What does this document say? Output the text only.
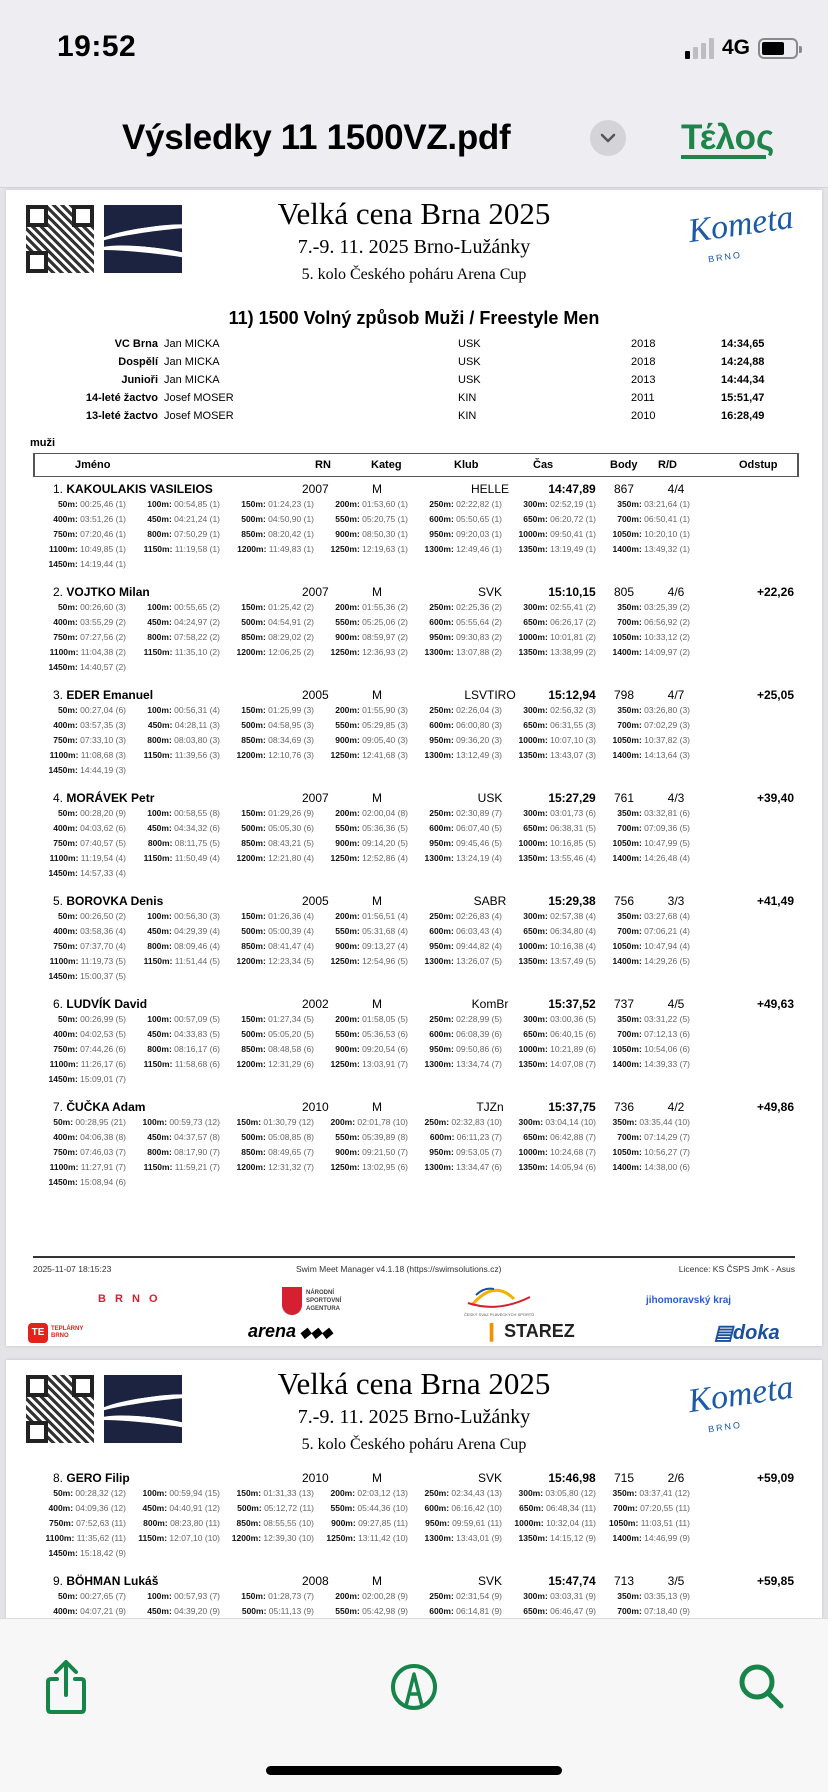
19:52	4G
Výsledky 11 1500VZ.pdf	Τέλος
Velká cena Brna 2025
7.-9. 11. 2025 Brno-Lužánky
5. kolo Českého poháru Arena Cup
Kometa
BRNO
11) 1500 Volný způsob Muži / Freestyle Men
VC Brna Jan MICKA	USK	2018	14:34,65
Dospělí Jan MICKA	USK	2018	14:24,88
Junioři Jan MICKA	USK	2013	14:44,34
14-leté žactvo Josef MOSER	KIN	2011	15:51,47
13-leté žactvo Josef MOSER	KIN	2010	16:28,49
muži
Jméno	RN	Kateg	Klub	Čas	Body R/D	Odstup
1. KAKOULAKIS VASILEIOS	2007	M	HELLE	14:47,89	867	4/4
50m: 00:25,46 (1)	100m: 00:54,85 (1)	150m: 01:24,23 (1)	200m: 01:53,60 (1)	250m: 02:22,82 (1)	300m: 02:52,19 (1)	350m: 03:21,64 (1)
400m: 03:51,26 (1)	450m: 04:21,24 (1)	500m: 04:50,90 (1)	550m: 05:20,75 (1)	600m: 05:50,65 (1)	650m: 06:20,72 (1)	700m: 06:50,41 (1)
750m: 07:20,46 (1)	800m: 07:50,29 (1)	850m: 08:20,42 (1)	900m: 08:50,30 (1)	950m: 09:20,03 (1)	1000m: 09:50,41 (1)	1050m: 10:20,10 (1)
1100m: 10:49,85 (1)	1150m: 11:19,58 (1)	1200m: 11:49,83 (1)	1250m: 12:19,63 (1)	1300m: 12:49,46 (1)	1350m: 13:19,49 (1)	1400m: 13:49,32 (1)
1450m: 14:19,44 (1)
2. VOJTKO Milan	2007	M	SVK	15:10,15	805	4/6	+22,26
50m: 00:26,60 (3)	100m: 00:55,65 (2)	150m: 01:25,42 (2)	200m: 01:55,36 (2)	250m: 02:25,36 (2)	300m: 02:55,41 (2)	350m: 03:25,39 (2)
400m: 03:55,29 (2)	450m: 04:24,97 (2)	500m: 04:54,91 (2)	550m: 05:25,06 (2)	600m: 05:55,64 (2)	650m: 06:26,17 (2)	700m: 06:56,92 (2)
750m: 07:27,56 (2)	800m: 07:58,22 (2)	850m: 08:29,02 (2)	900m: 08:59,97 (2)	950m: 09:30,83 (2)	1000m: 10:01,81 (2)	1050m: 10:33,12 (2)
1100m: 11:04,38 (2)	1150m: 11:35,10 (2)	1200m: 12:06,25 (2)	1250m: 12:36,93 (2)	1300m: 13:07,88 (2)	1350m: 13:38,99 (2)	1400m: 14:09,97 (2)
1450m: 14:40,57 (2)
3. EDER Emanuel	2005	M	LSVTIRO	15:12,94	798	4/7	+25,05
50m: 00:27,04 (6)	100m: 00:56,31 (4)	150m: 01:25,99 (3)	200m: 01:55,90 (3)	250m: 02:26,04 (3)	300m: 02:56,32 (3)	350m: 03:26,80 (3)
400m: 03:57,35 (3)	450m: 04:28,11 (3)	500m: 04:58,95 (3)	550m: 05:29,85 (3)	600m: 06:00,80 (3)	650m: 06:31,55 (3)	700m: 07:02,29 (3)
750m: 07:33,10 (3)	800m: 08:03,80 (3)	850m: 08:34,69 (3)	900m: 09:05,40 (3)	950m: 09:36,20 (3)	1000m: 10:07,10 (3)	1050m: 10:37,82 (3)
1100m: 11:08,68 (3)	1150m: 11:39,56 (3)	1200m: 12:10,76 (3)	1250m: 12:41,68 (3)	1300m: 13:12,49 (3)	1350m: 13:43,07 (3)	1400m: 14:13,64 (3)
1450m: 14:44,19 (3)
4. MORÁVEK Petr	2007	M	USK	15:27,29	761	4/3	+39,40
50m: 00:28,20 (9)	100m: 00:58,55 (8)	150m: 01:29,26 (9)	200m: 02:00,04 (8)	250m: 02:30,89 (7)	300m: 03:01,73 (6)	350m: 03:32,81 (6)
400m: 04:03,62 (6)	450m: 04:34,32 (6)	500m: 05:05,30 (6)	550m: 05:36,36 (5)	600m: 06:07,40 (5)	650m: 06:38,31 (5)	700m: 07:09,36 (5)
750m: 07:40,57 (5)	800m: 08:11,75 (5)	850m: 08:43,21 (5)	900m: 09:14,20 (5)	950m: 09:45,46 (5)	1000m: 10:16,85 (5)	1050m: 10:47,99 (5)
1100m: 11:19,54 (4)	1150m: 11:50,49 (4)	1200m: 12:21,80 (4)	1250m: 12:52,86 (4)	1300m: 13:24,19 (4)	1350m: 13:55,46 (4)	1400m: 14:26,48 (4)
1450m: 14:57,33 (4)
5. BOROVKA Denis	2005	M	SABR	15:29,38	756	3/3	+41,49
50m: 00:26,50 (2)	100m: 00:56,30 (3)	150m: 01:26,36 (4)	200m: 01:56,51 (4)	250m: 02:26,83 (4)	300m: 02:57,38 (4)	350m: 03:27,68 (4)
400m: 03:58,36 (4)	450m: 04:29,39 (4)	500m: 05:00,39 (4)	550m: 05:31,68 (4)	600m: 06:03,43 (4)	650m: 06:34,80 (4)	700m: 07:06,21 (4)
750m: 07:37,70 (4)	800m: 08:09,46 (4)	850m: 08:41,47 (4)	900m: 09:13,27 (4)	950m: 09:44,82 (4)	1000m: 10:16,38 (4)	1050m: 10:47,94 (4)
1100m: 11:19,73 (5)	1150m: 11:51,44 (5)	1200m: 12:23,34 (5)	1250m: 12:54,96 (5)	1300m: 13:26,07 (5)	1350m: 13:57,49 (5)	1400m: 14:29,26 (5)
1450m: 15:00,37 (5)
6. LUDVÍK David	2002	M	KomBr	15:37,52	737	4/5	+49,63
50m: 00:26,99 (5)	100m: 00:57,09 (5)	150m: 01:27,34 (5)	200m: 01:58,05 (5)	250m: 02:28,99 (5)	300m: 03:00,36 (5)	350m: 03:31,22 (5)
400m: 04:02,53 (5)	450m: 04:33,83 (5)	500m: 05:05,20 (5)	550m: 05:36,53 (6)	600m: 06:08,39 (6)	650m: 06:40,15 (6)	700m: 07:12,13 (6)
750m: 07:44,26 (6)	800m: 08:16,17 (6)	850m: 08:48,58 (6)	900m: 09:20,54 (6)	950m: 09:50,86 (6)	1000m: 10:21,89 (6)	1050m: 10:54,06 (6)
1100m: 11:26,17 (6)	1150m: 11:58,68 (6)	1200m: 12:31,29 (6)	1250m: 13:03,91 (7)	1300m: 13:34,74 (7)	1350m: 14:07,08 (7)	1400m: 14:39,33 (7)
1450m: 15:09,01 (7)
7. ČUČKA Adam	2010	M	TJZn	15:37,75	736	4/2	+49,86
50m: 00:28,95 (21)	100m: 00:59,73 (12)	150m: 01:30,79 (12)	200m: 02:01,78 (10)	250m: 02:32,83 (10)	300m: 03:04,14 (10)	350m: 03:35,44 (10)
400m: 04:06,38 (8)	450m: 04:37,57 (8)	500m: 05:08,85 (8)	550m: 05:39,89 (8)	600m: 06:11,23 (7)	650m: 06:42,88 (7)	700m: 07:14,29 (7)
750m: 07:46,03 (7)	800m: 08:17,90 (7)	850m: 08:49,65 (7)	900m: 09:21,50 (7)	950m: 09:53,05 (7)	1000m: 10:24,68 (7)	1050m: 10:56,27 (7)
1100m: 11:27,91 (7)	1150m: 11:59,21 (7)	1200m: 12:31,32 (7)	1250m: 13:02,95 (6)	1300m: 13:34,47 (6)	1350m: 14:05,94 (6)	1400m: 14:38,00 (6)
1450m: 15:08,94 (6)
2025-11-07 18:15:23	Swim Meet Manager v4.1.18 (https://swimsolutions.cz)	Licence: KS ČSPS JmK - Asus
B R N O	NÁRODNÍ SPORTOVNÍ AGENTURA
ČESKÝ SVAZ PLAVECKÝCH SPORTŮ
jihomoravský kraj
TE	TEPLÁRNY BRNO	arena ◆◆◆	❙ STAREZ	▤doka
Velká cena Brna 2025
7.-9. 11. 2025 Brno-Lužánky
5. kolo Českého poháru Arena Cup
Kometa
BRNO
8. GERO Filip	2010	M	SVK	15:46,98	715	2/6	+59,09
50m: 00:28,32 (12)	100m: 00:59,94 (15)	150m: 01:31,33 (13)	200m: 02:03,12 (13)	250m: 02:34,43 (13)	300m: 03:05,80 (12)	350m: 03:37,41 (12)
400m: 04:09,36 (12)	450m: 04:40,91 (12)	500m: 05:12,72 (11)	550m: 05:44,36 (10)	600m: 06:16,42 (10)	650m: 06:48,34 (11)	700m: 07:20,55 (11)
750m: 07:52,63 (11)	800m: 08:23,80 (11)	850m: 08:55,55 (10)	900m: 09:27,85 (11)	950m: 09:59,61 (11)	1000m: 10:32,04 (11)	1050m: 11:03,51 (11)
1100m: 11:35,62 (11)	1150m: 12:07,10 (10)	1200m: 12:39,30 (10)	1250m: 13:11,42 (10)	1300m: 13:43,01 (9)	1350m: 14:15,12 (9)	1400m: 14:46,99 (9)
1450m: 15:18,42 (9)
9. BÖHMAN Lukáš	2008	M	SVK	15:47,74	713	3/5	+59,85
50m: 00:27,65 (7)	100m: 00:57,93 (7)	150m: 01:28,73 (7)	200m: 02:00,28 (9)	250m: 02:31,54 (9)	300m: 03:03,31 (9)	350m: 03:35,13 (9)
400m: 04:07,21 (9)	450m: 04:39,20 (9)	500m: 05:11,13 (9)	550m: 05:42,98 (9)	600m: 06:14,81 (9)	650m: 06:46,47 (9)	700m: 07:18,40 (9)
